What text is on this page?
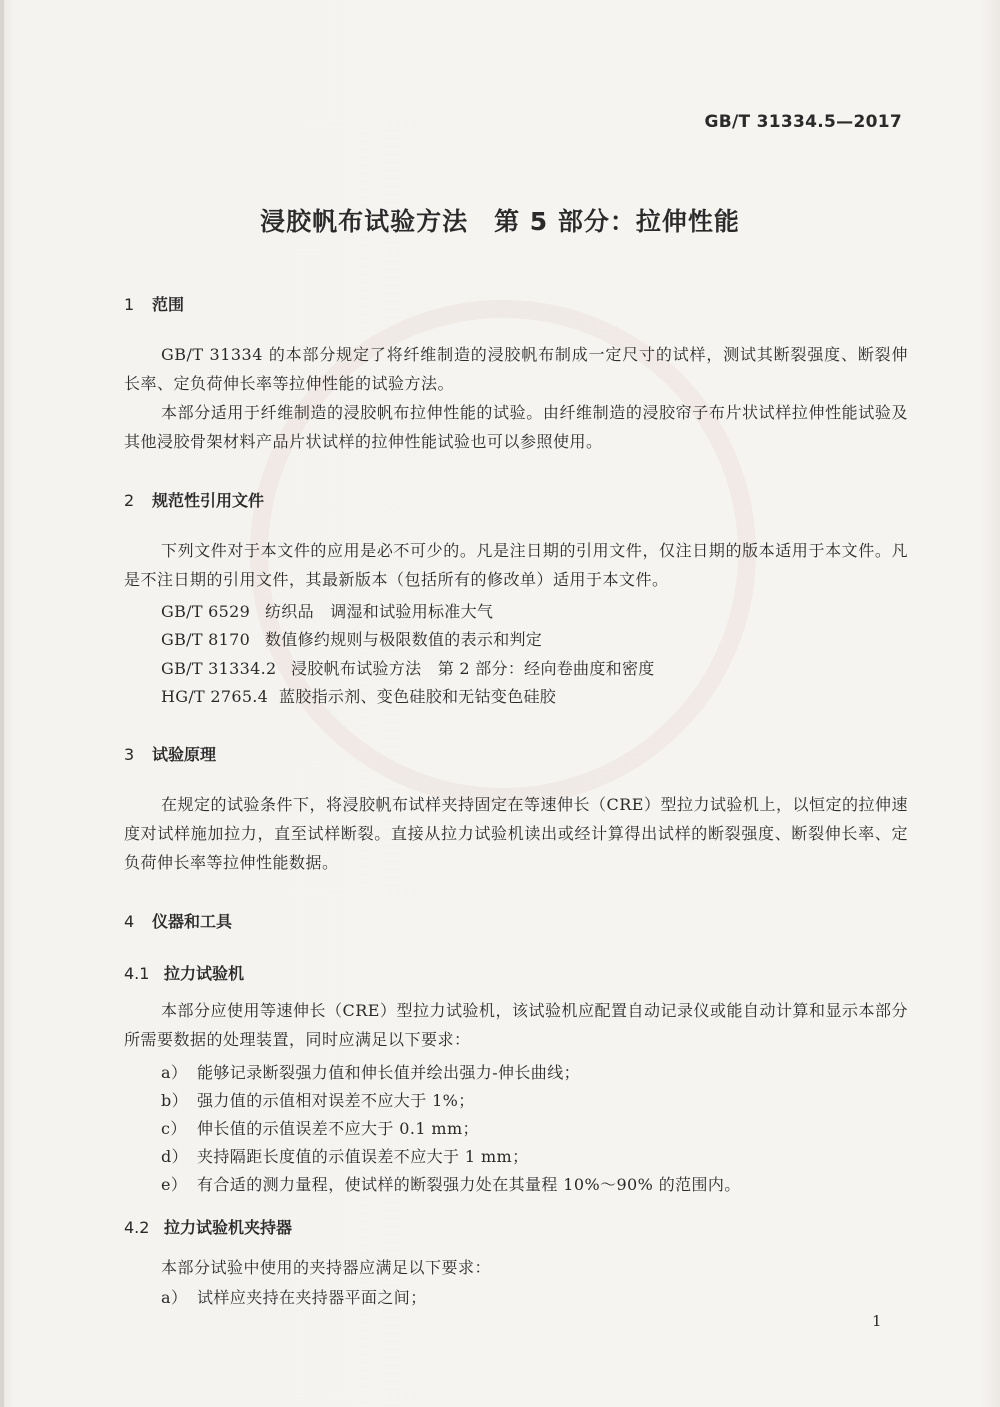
GB/T 31334.5—2017
浸胶帆布试验方法 第 5 部分：拉伸性能
1 范围
GB/T 31334 的本部分规定了将纤维制造的浸胶帆布制成一定尺寸的试样，测试其断裂强度、断裂伸长率、定负荷伸长率等拉伸性能的试验方法。
本部分适用于纤维制造的浸胶帆布拉伸性能的试验。由纤维制造的浸胶帘子布片状试样拉伸性能试验及其他浸胶骨架材料产品片状试样的拉伸性能试验也可以参照使用。
2 规范性引用文件
下列文件对于本文件的应用是必不可少的。凡是注日期的引用文件，仅注日期的版本适用于本文件。凡是不注日期的引用文件，其最新版本（包括所有的修改单）适用于本文件。
GB/T 6529 纺织品　调湿和试验用标准大气
GB/T 8170 数值修约规则与极限数值的表示和判定
GB/T 31334.2 浸胶帆布试验方法　第 2 部分：经向卷曲度和密度
HG/T 2765.4 蓝胶指示剂、变色硅胶和无钴变色硅胶
3 试验原理
在规定的试验条件下，将浸胶帆布试样夹持固定在等速伸长（CRE）型拉力试验机上，以恒定的拉伸速度对试样施加拉力，直至试样断裂。直接从拉力试验机读出或经计算得出试样的断裂强度、断裂伸长率、定负荷伸长率等拉伸性能数据。
4 仪器和工具
4.1 拉力试验机
本部分应使用等速伸长（CRE）型拉力试验机，该试验机应配置自动记录仪或能自动计算和显示本部分所需要数据的处理装置，同时应满足以下要求：
a） 能够记录断裂强力值和伸长值并绘出强力-伸长曲线；
b） 强力值的示值相对误差不应大于 1%；
c） 伸长值的示值误差不应大于 0.1 mm；
d） 夹持隔距长度值的示值误差不应大于 1 mm；
e） 有合适的测力量程，使试样的断裂强力处在其量程 10%～90% 的范围内。
4.2 拉力试验机夹持器
本部分试验中使用的夹持器应满足以下要求：
a） 试样应夹持在夹持器平面之间；
1
